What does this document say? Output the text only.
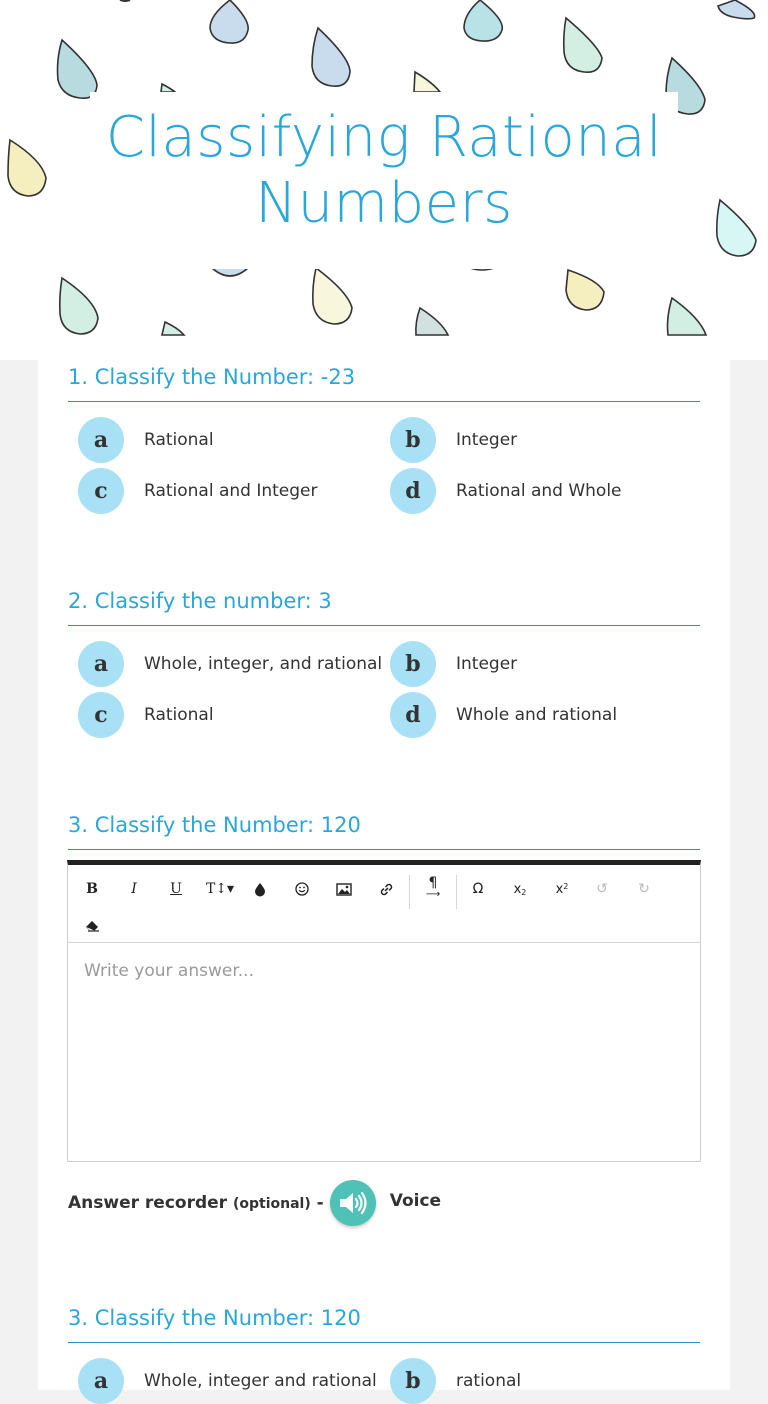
Classifying Rational
Numbers
1. Classify the Number: -23
a	Rational	b	Integer
c	Rational and Integer	d	Rational and Whole
2. Classify the number: 3
a	Whole, integer, and rational	b	Integer
c	Rational	d	Whole and rational
3. Classify the Number: 120
B	I	U	T↕▾	¶
⟶	Ω	x 2	x 2	↺	↻
Write your answer...
Answer recorder (optional) -	Voice
3. Classify the Number: 120
a	Whole, integer and rational	b	rational
